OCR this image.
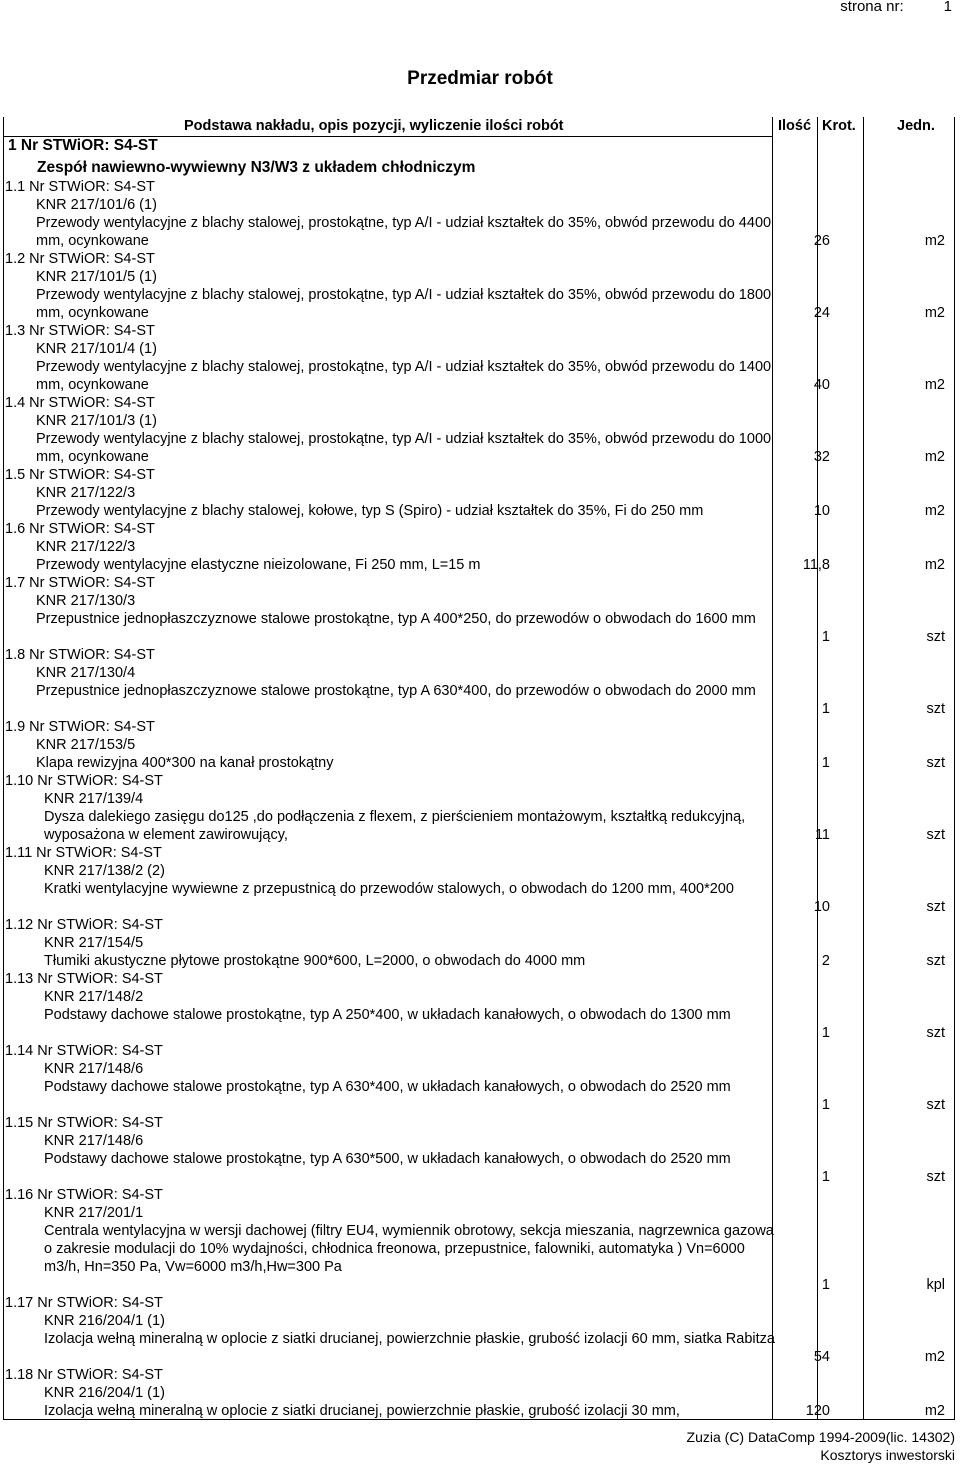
strona nr:	1
Przedmiar robót
Podstawa nakładu, opis pozycji, wyliczenie ilości robót	Ilość Krot.	Jedn.
1 Nr STWiOR: S4-ST
Zespół nawiewno-wywiewny N3/W3 z układem chłodniczym
1.1 Nr STWiOR: S4-ST
KNR 217/101/6 (1)
Przewody wentylacyjne z blachy stalowej, prostokątne, typ A/I - udział kształtek do 35%, obwód przewodu do 4400 mm, ocynkowane	26	m2
1.2 Nr STWiOR: S4-ST
KNR 217/101/5 (1)
Przewody wentylacyjne z blachy stalowej, prostokątne, typ A/I - udział kształtek do 35%, obwód przewodu do 1800 mm, ocynkowane	24	m2
1.3 Nr STWiOR: S4-ST
KNR 217/101/4 (1)
Przewody wentylacyjne z blachy stalowej, prostokątne, typ A/I - udział kształtek do 35%, obwód przewodu do 1400 mm, ocynkowane	40	m2
1.4 Nr STWiOR: S4-ST
KNR 217/101/3 (1)
Przewody wentylacyjne z blachy stalowej, prostokątne, typ A/I - udział kształtek do 35%, obwód przewodu do 1000 mm, ocynkowane	32	m2
1.5 Nr STWiOR: S4-ST
KNR 217/122/3
Przewody wentylacyjne z blachy stalowej, kołowe, typ S (Spiro) - udział kształtek do 35%, Fi do 250 mm	10	m2
1.6 Nr STWiOR: S4-ST
KNR 217/122/3
Przewody wentylacyjne elastyczne nieizolowane, Fi 250 mm, L=15 m	11,8	m2
1.7 Nr STWiOR: S4-ST
KNR 217/130/3
Przepustnice jednopłaszczyznowe stalowe prostokątne, typ A 400*250, do przewodów o obwodach do 1600 mm
1	szt
1.8 Nr STWiOR: S4-ST
KNR 217/130/4
Przepustnice jednopłaszczyznowe stalowe prostokątne, typ A 630*400, do przewodów o obwodach do 2000 mm
1	szt
1.9 Nr STWiOR: S4-ST
KNR 217/153/5
Klapa rewizyjna 400*300 na kanał prostokątny	1	szt
1.10 Nr STWiOR: S4-ST
KNR 217/139/4
Dysza dalekiego zasięgu do125 ,do podłączenia z flexem, z pierścieniem montażowym, kształtką redukcyjną, wyposażona w element zawirowujący,	11	szt
1.11 Nr STWiOR: S4-ST
KNR 217/138/2 (2)
Kratki wentylacyjne wywiewne z przepustnicą do przewodów stalowych, o obwodach do 1200 mm, 400*200
10	szt
1.12 Nr STWiOR: S4-ST
KNR 217/154/5
Tłumiki akustyczne płytowe prostokątne 900*600, L=2000, o obwodach do 4000 mm	2	szt
1.13 Nr STWiOR: S4-ST
KNR 217/148/2
Podstawy dachowe stalowe prostokątne, typ A 250*400, w układach kanałowych, o obwodach do 1300 mm
1	szt
1.14 Nr STWiOR: S4-ST
KNR 217/148/6
Podstawy dachowe stalowe prostokątne, typ A 630*400, w układach kanałowych, o obwodach do 2520 mm
1	szt
1.15 Nr STWiOR: S4-ST
KNR 217/148/6
Podstawy dachowe stalowe prostokątne, typ A 630*500, w układach kanałowych, o obwodach do 2520 mm
1	szt
1.16 Nr STWiOR: S4-ST
KNR 217/201/1
Centrala wentylacyjna w wersji dachowej (filtry EU4, wymiennik obrotowy, sekcja mieszania, nagrzewnica gazowa o zakresie modulacji do 10% wydajności, chłodnica freonowa, przepustnice, falowniki, automatyka ) Vn=6000 m3/h, Hn=350 Pa, Vw=6000 m3/h,Hw=300 Pa
1	kpl
1.17 Nr STWiOR: S4-ST
KNR 216/204/1 (1)
Izolacja wełną mineralną w oplocie z siatki drucianej, powierzchnie płaskie, grubość izolacji 60 mm, siatka Rabitza
54	m2
1.18 Nr STWiOR: S4-ST
KNR 216/204/1 (1)
Izolacja wełną mineralną w oplocie z siatki drucianej, powierzchnie płaskie, grubość izolacji 30 mm,	120	m2
Zuzia (C) DataComp 1994-2009(lic. 14302)
Kosztorys inwestorski
